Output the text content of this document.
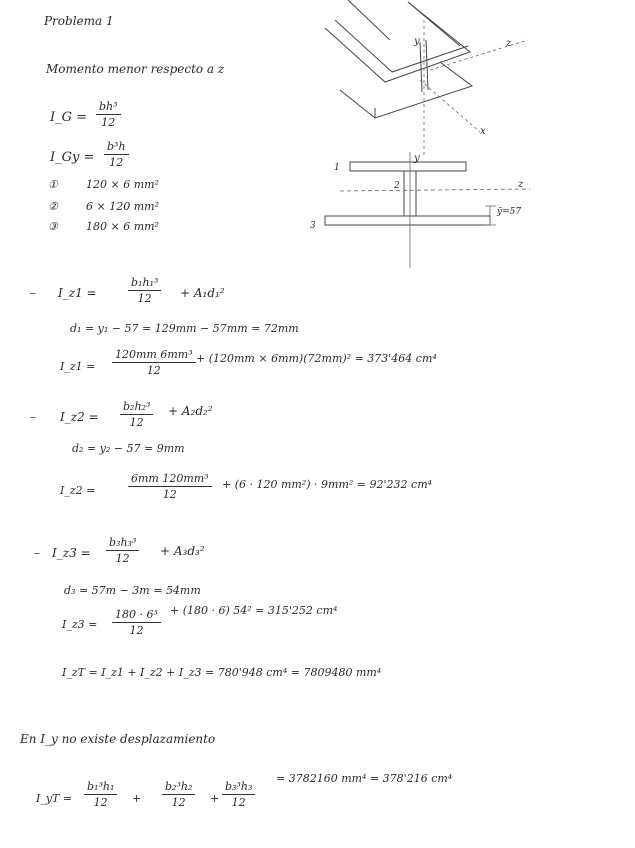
Problema 1
Momento menor respecto a z
I_G = $\frac{\text{bh³}}{12}$
I_Gy = $\frac{\text{b³h}}{12}$
①	120 × 6 mm²
②	6 × 120 mm²
③	180 × 6 mm²
y	z
x
y
z
1
2
3
ȳ=57
– I_z1 =	$\frac{\text{b₁h₁³}}{12} + A_1d_1^2$
d₁ = y₁ − 57 = 129mm − 57mm = 72mm
I_z1 = $\frac{\text{120mm 6mm³}}{12} + (120mm \times 6mm)(72mm)^2 = 373'464$ cm⁴
– I_z2 = $\frac{\text{b₂h₂³}}{12} + A_2d_2^2$
d₂ = y₂ − 57 = 9mm
I_z2 =	$\frac{\text{6mm 120mm³}}{12} + (6 \cdot 120$ mm²) · 9mm² = 92'232 cm⁴
– I_z3 = $\frac{\text{b₃h₃³}}{12} + A_3d_3^2$
d₃ = 57m − 3m = 54mm
I_z3 = $\frac{\text{180 · 6³}}{12} + (180 \cdot 6) 54^2 = 315'252$ cm⁴
I_zT = I_z1 + I_z2 + I_z3 = 780'948 cm⁴ = 7809480 mm⁴
En I_y no existe desplazamiento
I_yT = $\frac{\text{b₁³h₁}}{12} + \frac{\text{b₂³h₂}}{12} + \frac{\text{b₃³h₃}}{12}$
= 3782160 mm⁴ = 378'216 cm⁴
